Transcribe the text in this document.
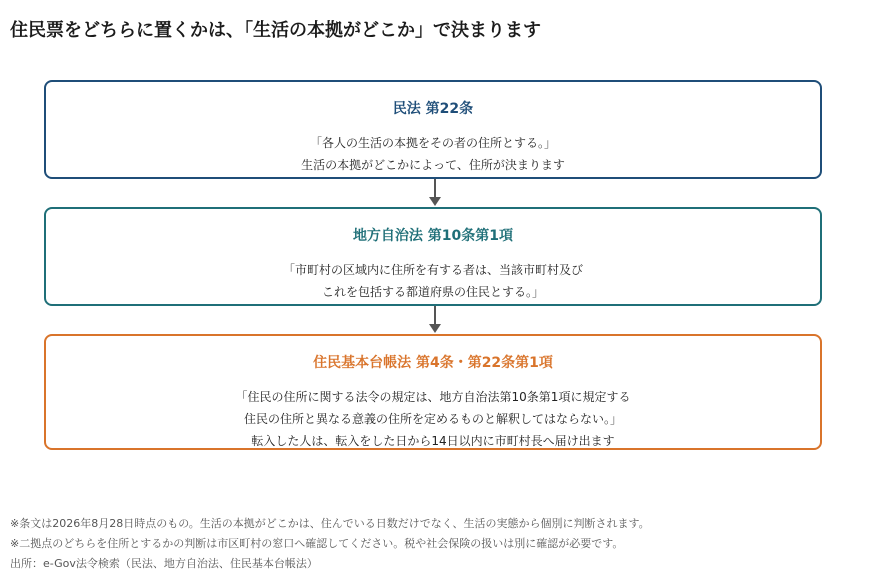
住民票をどちらに置くかは、「生活の本拠がどこか」で決まります
民法 第22条
「各人の生活の本拠をその者の住所とする。」
生活の本拠がどこかによって、住所が決まります
地方自治法 第10条第1項
「市町村の区域内に住所を有する者は、当該市町村及び
これを包括する都道府県の住民とする。」
住民基本台帳法 第4条・第22条第1項
「住民の住所に関する法令の規定は、地方自治法第10条第1項に規定する
住民の住所と異なる意義の住所を定めるものと解釈してはならない。」
転入した人は、転入をした日から14日以内に市町村長へ届け出ます
※条文は2026年8月28日時点のもの。生活の本拠がどこかは、住んでいる日数だけでなく、生活の実態から個別に判断されます。
※二拠点のどちらを住所とするかの判断は市区町村の窓口へ確認してください。税や社会保険の扱いは別に確認が必要です。
出所：e-Gov法令検索（民法、地方自治法、住民基本台帳法）
